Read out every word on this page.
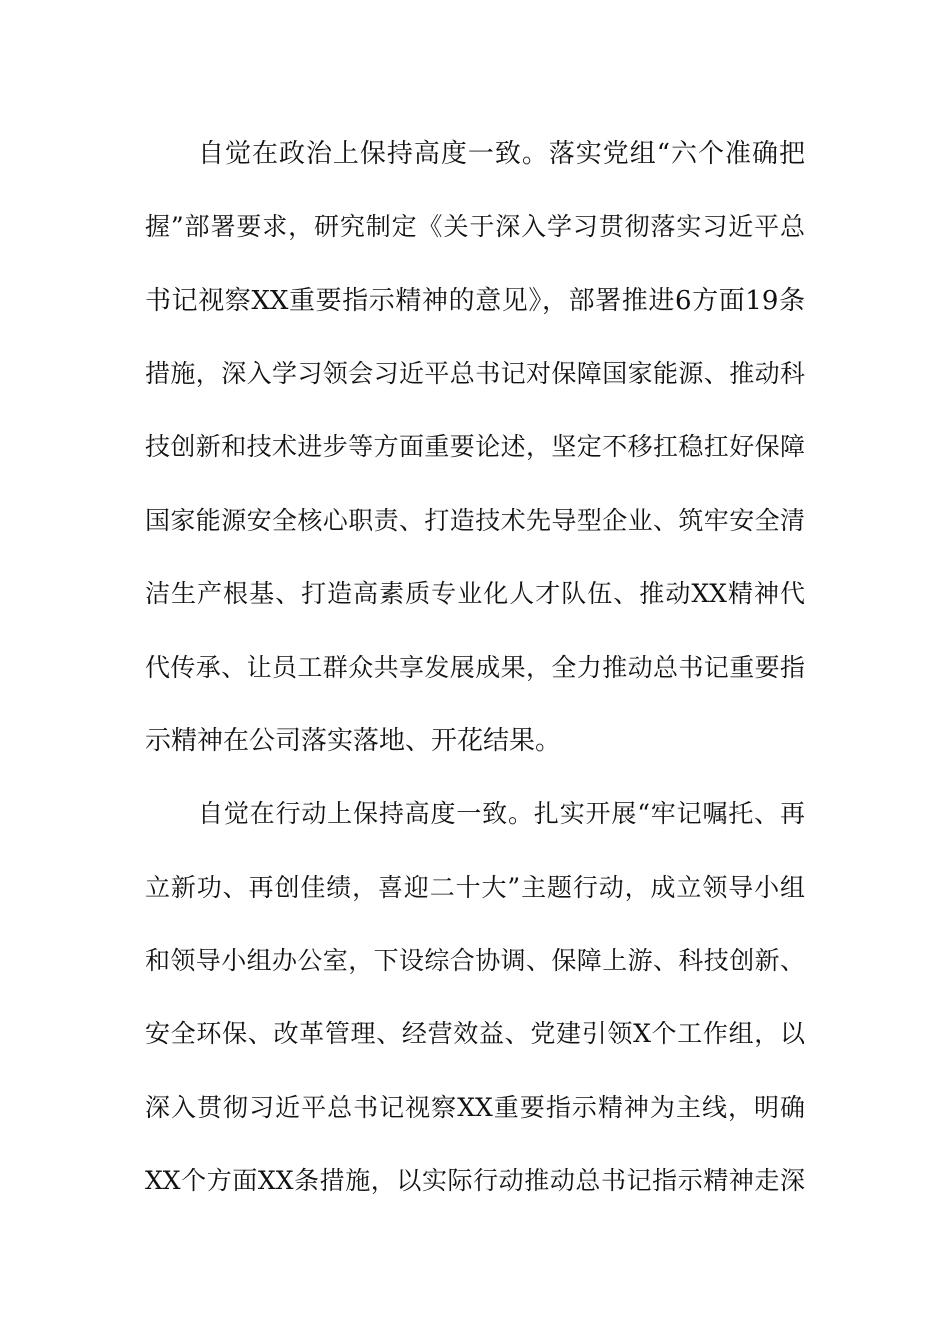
自觉在政治上保持高度一致。落实党组“六个准确把
握”部署要求，研究制定《关于深入学习贯彻落实习近平总
书记视察XX重要指示精神的意见》，部署推进6方面19条
措施，深入学习领会习近平总书记对保障国家能源、推动科
技创新和技术进步等方面重要论述，坚定不移扛稳扛好保障
国家能源安全核心职责、打造技术先导型企业、筑牢安全清
洁生产根基、打造高素质专业化人才队伍、推动XX精神代
代传承、让员工群众共享发展成果，全力推动总书记重要指
示精神在公司落实落地、开花结果。
自觉在行动上保持高度一致。扎实开展“牢记嘱托、再
立新功、再创佳绩，喜迎二十大”主题行动，成立领导小组
和领导小组办公室，下设综合协调、保障上游、科技创新、
安全环保、改革管理、经营效益、党建引领X个工作组，以
深入贯彻习近平总书记视察XX重要指示精神为主线，明确
XX个方面XX条措施，以实际行动推动总书记指示精神走深
